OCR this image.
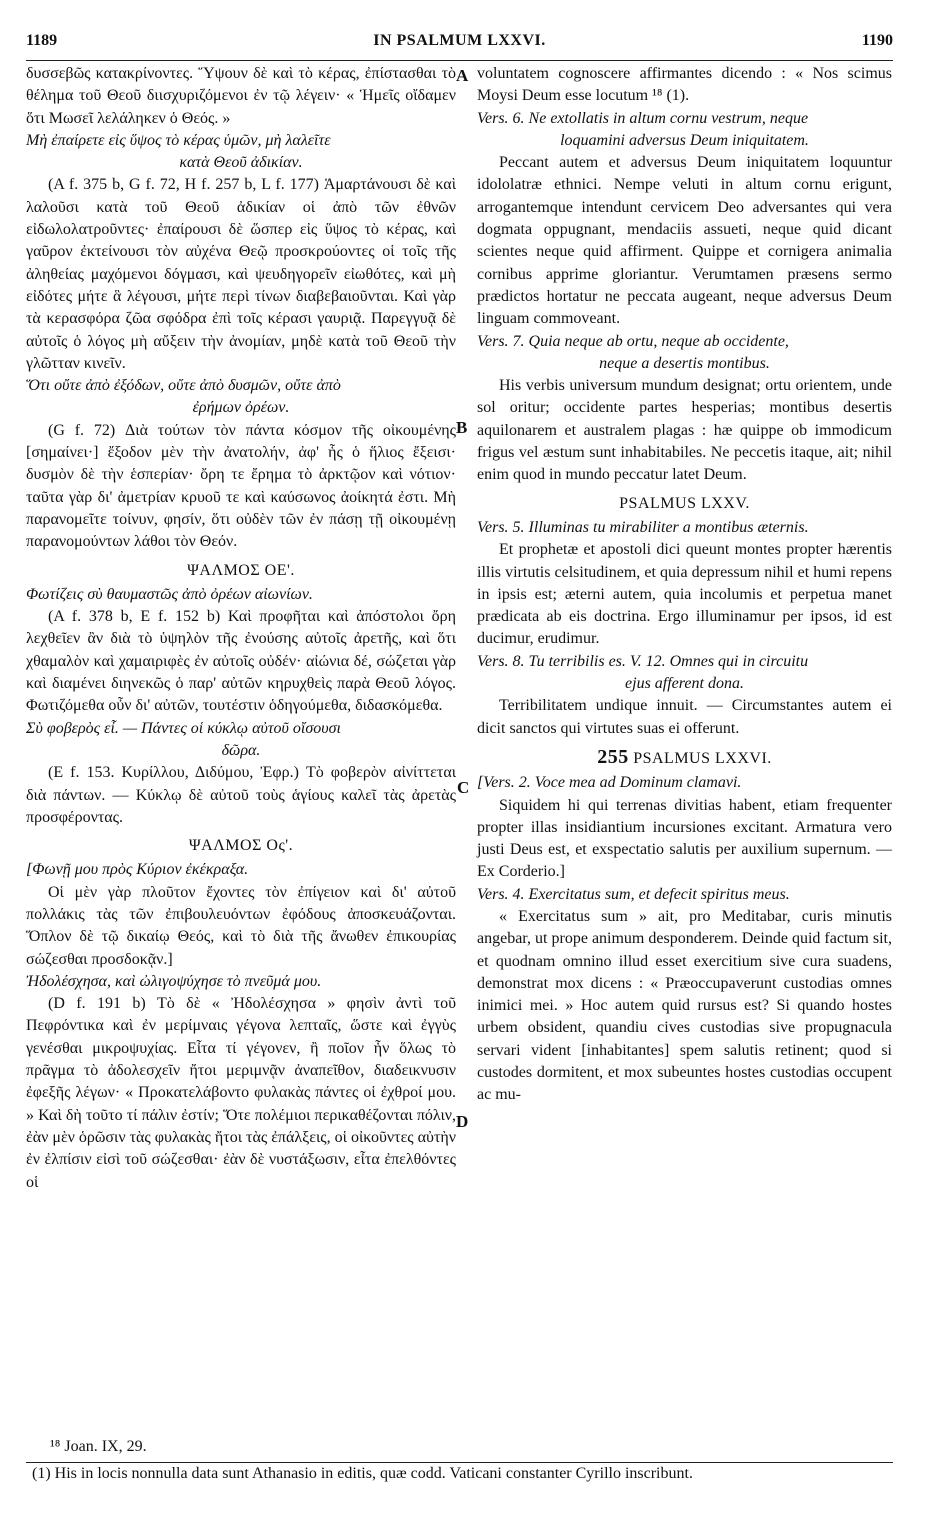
1189	IN PSALMUM LXXVI.	1190

δυσσεβῶς κατακρίνοντες. Ὕψουν δὲ καὶ τὸ κέρας, ἐπίστασθαι τὸ θέλημα τοῦ Θεοῦ διισχυριζόμενοι ἐν τῷ λέγειν· « Ἡμεῖς οἴδαμεν ὅτι Μωσεῖ λελάληκεν ὁ Θεός. »

Μὴ ἐπαίρετε εἰς ὕψος τὸ κέρας ὑμῶν, μὴ λαλεῖτε
κατὰ Θεοῦ ἀδικίαν.

(A f. 375 b, G f. 72, H f. 257 b, L f. 177) Ἁμαρτάνουσι δὲ καὶ λαλοῦσι κατὰ τοῦ Θεοῦ ἀδικίαν οἱ ἀπὸ τῶν ἐθνῶν εἰδωλολατροῦντες· ἐπαίρουσι δὲ ὥσπερ εἰς ὕψος τὸ κέρας, καὶ γαῦρον ἐκτείνουσι τὸν αὐχένα Θεῷ προσκρούοντες οἱ τοῖς τῆς ἀληθείας μαχόμενοι δόγμασι, καὶ ψευδηγορεῖν εἰωθότες, καὶ μὴ εἰδότες μήτε ἃ λέγουσι, μήτε περὶ τίνων διαβεβαιοῦνται. Καὶ γὰρ τὰ κερασφόρα ζῶα σφόδρα ἐπὶ τοῖς κέρασι γαυριᾷ. Παρεγγυᾷ δὲ αὐτοῖς ὁ λόγος μὴ αὔξειν τὴν ἀνομίαν, μηδὲ κατὰ τοῦ Θεοῦ τὴν γλῶτταν κινεῖν.

Ὅτι οὔτε ἀπὸ ἐξόδων, οὔτε ἀπὸ δυσμῶν, οὔτε ἀπὸ
ἐρήμων ὀρέων.

(G f. 72) Διὰ τούτων τὸν πάντα κόσμον τῆς οἰκουμένης [σημαίνει·] ἔξοδον μὲν τὴν ἀνατολήν, ἀφ' ἧς ὁ ἥλιος ἔξεισι· δυσμὸν δὲ τὴν ἑσπερίαν· ὄρη τε ἔρημα τὸ ἀρκτῷον καὶ νότιον· ταῦτα γὰρ δι' ἀμετρίαν κρυοῦ τε καὶ καύσωνος ἀοίκητά ἐστι. Μὴ παρανομεῖτε τοίνυν, φησίν, ὅτι οὐδὲν τῶν ἐν πάσῃ τῇ οἰκουμένῃ παρανομούντων λάθοι τὸν Θεόν.

ΨΑΛΜΟΣ ΟΕ'.

Φωτίζεις σὺ θαυμαστῶς ἀπὸ ὀρέων αἰωνίων.

(A f. 378 b, E f. 152 b) Καὶ προφῆται καὶ ἀπόστολοι ὄρη λεχθεῖεν ἂν διὰ τὸ ὑψηλὸν τῆς ἐνούσης αὐτοῖς ἀρετῆς, καὶ ὅτι χθαμαλὸν καὶ χαμαιριφὲς ἐν αὐτοῖς οὐδέν· αἰώνια δέ, σώζεται γὰρ καὶ διαμένει διηνεκῶς ὁ παρ' αὐτῶν κηρυχθεὶς παρὰ Θεοῦ λόγος. Φωτιζόμεθα οὖν δι' αὐτῶν, τουτέστιν ὁδηγούμεθα, διδασκόμεθα.

Σὺ φοβερὸς εἶ. — Πάντες οἱ κύκλῳ αὐτοῦ οἴσουσι
δῶρα.

(E f. 153. Κυρίλλου, Διδύμου, Ἐφρ.) Τὸ φοβερὸν αἰνίττεται διὰ πάντων. — Κύκλῳ δὲ αὐτοῦ τοὺς ἁγίους καλεῖ τὰς ἀρετὰς προσφέροντας.

ΨΑΛΜΟΣ Ος'.

[Φωνῇ μου πρὸς Κύριον ἐκέκραξα.

Οἱ μὲν γὰρ πλοῦτον ἔχοντες τὸν ἐπίγειον καὶ δι' αὐτοῦ πολλάκις τὰς τῶν ἐπιβουλευόντων ἐφόδους ἀποσκευάζονται. Ὅπλον δὲ τῷ δικαίῳ Θεός, καὶ τὸ διὰ τῆς ἄνωθεν ἐπικουρίας σώζεσθαι προσδοκᾷν.]

Ἠδολέσχησα, καὶ ὠλιγοψύχησε τὸ πνεῦμά μου.

(D f. 191 b) Τὸ δὲ « Ἠδολέσχησα » φησὶν ἀντὶ τοῦ Πεφρόντικα καὶ ἐν μερίμναις γέγονα λεπταῖς, ὥστε καὶ ἐγγὺς γενέσθαι μικροψυχίας. Εἶτα τί γέγονεν, ἢ ποῖον ἦν ὅλως τὸ πρᾶγμα τὸ ἀδολεσχεῖν ἤτοι μεριμνᾷν ἀναπεῖθον, διαδεικνυσιν ἐφεξῆς λέγων· « Προκατελάβοντο φυλακὰς πάντες οἱ ἐχθροί μου. » Καὶ δὴ τοῦτο τί πάλιν ἐστίν; Ὅτε πολέμιοι περικαθέζονται πόλιν, ἐὰν μὲν ὁρῶσιν τὰς φυλακὰς ἤτοι τὰς ἐπάλξεις, οἱ οἰκοῦντες αὐτὴν ἐν ἐλπίσιν εἰσὶ τοῦ σώζεσθαι· ἐὰν δὲ νυστάξωσιν, εἶτα ἐπελθόντες οἱ

voluntatem cognoscere affirmantes dicendo : « Nos scimus Moysi Deum esse locutum ¹⁸ (1).

Vers. 6. Ne extollatis in altum cornu vestrum, neque
loquamini adversus Deum iniquitatem.

Peccant autem et adversus Deum iniquitatem loquuntur idololatræ ethnici. Nempe veluti in altum cornu erigunt, arrogantemque intendunt cervicem Deo adversantes qui vera dogmata oppugnant, mendaciis assueti, neque quid dicant scientes neque quid affirment. Quippe et cornigera animalia cornibus apprime gloriantur. Verumtamen præsens sermo prædictos hortatur ne peccata augeant, neque adversus Deum linguam commoveant.

Vers. 7. Quia neque ab ortu, neque ab occidente,
neque a desertis montibus.

His verbis universum mundum designat; ortu orientem, unde sol oritur; occidente partes hesperias; montibus desertis aquilonarem et australem plagas : hæ quippe ob immodicum frigus vel æstum sunt inhabitabiles. Ne peccetis itaque, ait; nihil enim quod in mundo peccatur latet Deum.

PSALMUS LXXV.

Vers. 5. Illuminas tu mirabiliter a montibus æternis.

Et prophetæ et apostoli dici queunt montes propter hærentis illis virtutis celsitudinem, et quia depressum nihil et humi repens in ipsis est; æterni autem, quia incolumis et perpetua manet prædicata ab eis doctrina. Ergo illuminamur per ipsos, id est ducimur, erudimur.

Vers. 8. Tu terribilis es. V. 12. Omnes qui in circuitu
ejus afferent dona.

Terribilitatem undique innuit. — Circumstantes autem ei dicit sanctos qui virtutes suas ei offerunt.

255 PSALMUS LXXVI.

[Vers. 2. Voce mea ad Dominum clamavi.

Siquidem hi qui terrenas divitias habent, etiam frequenter propter illas insidiantium incursiones excitant. Armatura vero justi Deus est, et exspectatio salutis per auxilium supernum. — Ex Corderio.]

Vers. 4. Exercitatus sum, et defecit spiritus meus.

« Exercitatus sum » ait, pro Meditabar, curis minutis angebar, ut prope animum desponderem. Deinde quid factum sit, et quodnam omnino illud esset exercitium sive cura suadens, demonstrat mox dicens : « Præoccupaverunt custodias omnes inimici mei. » Hoc autem quid rursus est? Si quando hostes urbem obsident, quandiu cives custodias sive propugnacula servari vident [inhabitantes] spem salutis retinent; quod si custodes dormitent, et mox subeuntes hostes custodias occupent ac mu-

A
B
C
D
¹⁸ Joan. IX, 29.
(1) His in locis nonnulla data sunt Athanasio in editis, quæ codd. Vaticani constanter Cyrillo inscribunt.
